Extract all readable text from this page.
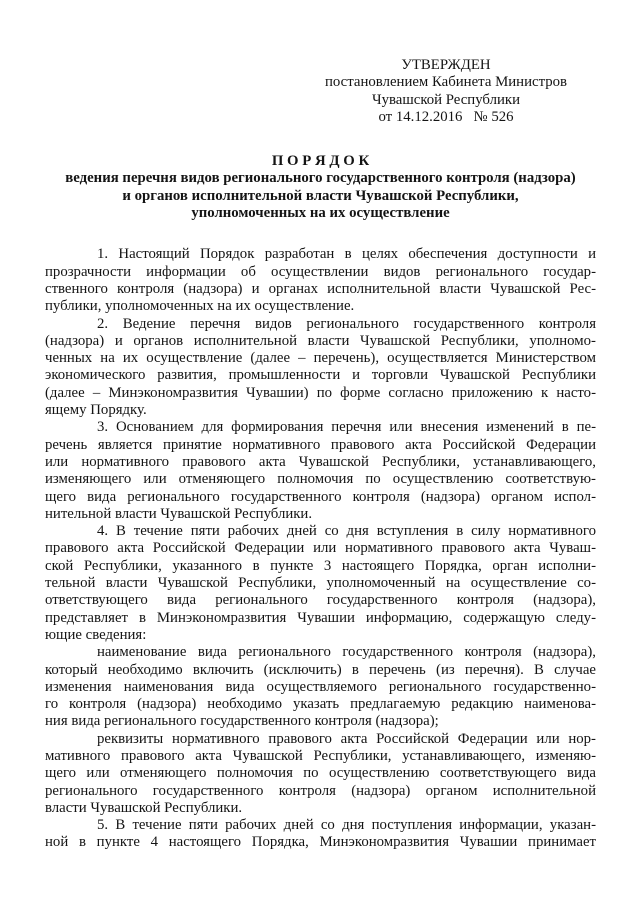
УТВЕРЖДЕН
постановлением Кабинета Министров
Чувашской Республики
от 14.12.2016   № 526
П О Р Я Д О К
ведения перечня видов регионального государственного контроля (надзора)
и органов исполнительной власти Чувашской Республики,
уполномоченных на их осуществление
1. Настоящий Порядок разработан в целях обеспечения доступности и
прозрачности информации об осуществлении видов регионального государ-
ственного контроля (надзора) и органах исполнительной власти Чувашской Рес-
публики, уполномоченных на их осуществление.
2. Ведение перечня видов регионального государственного контроля
(надзора) и органов исполнительной власти Чувашской Республики, уполномо-
ченных на их осуществление (далее – перечень), осуществляется Министерством
экономического развития, промышленности и торговли Чувашской Республики
(далее – Минэкономразвития Чувашии) по форме согласно приложению к насто-
ящему Порядку.
3. Основанием для формирования перечня или внесения изменений в пе-
речень является принятие нормативного правового акта Российской Федерации
или нормативного правового акта Чувашской Республики, устанавливающего,
изменяющего или отменяющего полномочия по осуществлению соответствую-
щего вида регионального государственного контроля (надзора) органом испол-
нительной власти Чувашской Республики.
4. В течение пяти рабочих дней со дня вступления в силу нормативного
правового акта Российской Федерации или нормативного правового акта Чуваш-
ской Республики, указанного в пункте 3 настоящего Порядка, орган исполни-
тельной власти Чувашской Республики, уполномоченный на осуществление со-
ответствующего вида регионального государственного контроля (надзора),
представляет в Минэкономразвития Чувашии информацию, содержащую следу-
ющие сведения:
наименование вида регионального государственного контроля (надзора),
который необходимо включить (исключить) в перечень (из перечня). В случае
изменения наименования вида осуществляемого регионального государственно-
го контроля (надзора) необходимо указать предлагаемую редакцию наименова-
ния вида регионального государственного контроля (надзора);
реквизиты нормативного правового акта Российской Федерации или нор-
мативного правового акта Чувашской Республики, устанавливающего, изменяю-
щего или отменяющего полномочия по осуществлению соответствующего вида
регионального государственного контроля (надзора) органом исполнительной
власти Чувашской Республики.
5. В течение пяти рабочих дней со дня поступления информации, указан-
ной в пункте 4 настоящего Порядка, Минэкономразвития Чувашии принимает
